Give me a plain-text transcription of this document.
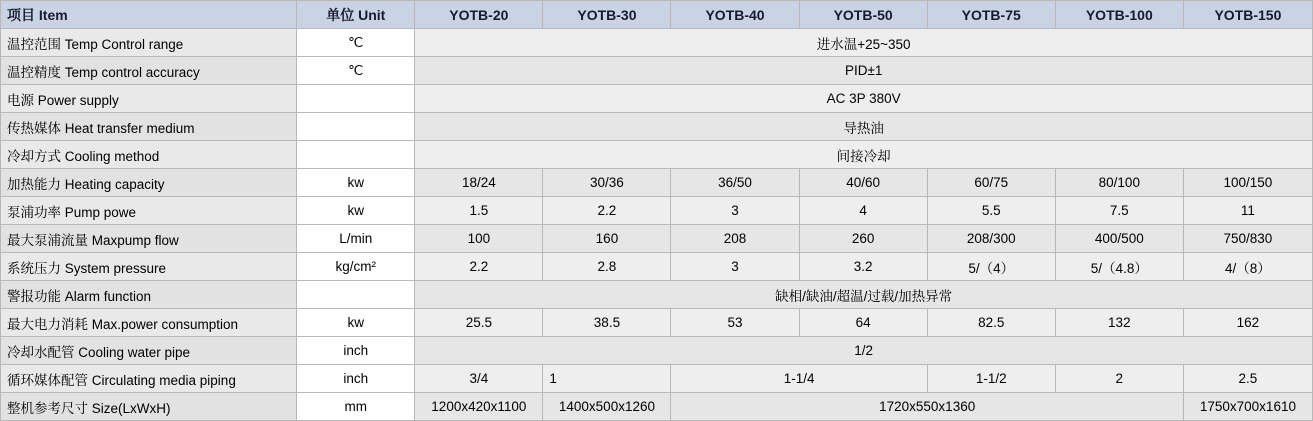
项目 Item	单位 Unit	YOTB-20	YOTB-30	YOTB-40	YOTB-50	YOTB-75	YOTB-100	YOTB-150
温控范围 Temp Control range	℃	进水温+25~350						
温控精度 Temp control accuracy	℃	PID±1						
电源 Power supply		AC 3P 380V						
传热媒体 Heat transfer medium		导热油						
冷却方式 Cooling method		间接冷却						
加热能力 Heating capacity	kw	18/24	30/36	36/50	40/60	60/75	80/100	100/150
泵浦功率 Pump powe	kw	1.5	2.2	3	4	5.5	7.5	11
最大泵浦流量 Maxpump flow	L/min	100	160	208	260	208/300	400/500	750/830
系统压力 System pressure	kg/cm²	2.2	2.8	3	3.2	5/（4）	5/（4.8）	4/（8）
警报功能 Alarm function		缺相/缺油/超温/过载/加热异常						
最大电力消耗 Max.power consumption	kw	25.5	38.5	53	64	82.5	132	162
冷却水配管 Cooling water pipe	inch	1/2						
循环媒体配管 Circulating media piping	inch	3/4	1	1-1/4		1-1/2	2	2.5
整机参考尺寸 Size(LxWxH)	mm	1200x420x1100	1400x500x1260	1720x550x1360				1750x700x1610
